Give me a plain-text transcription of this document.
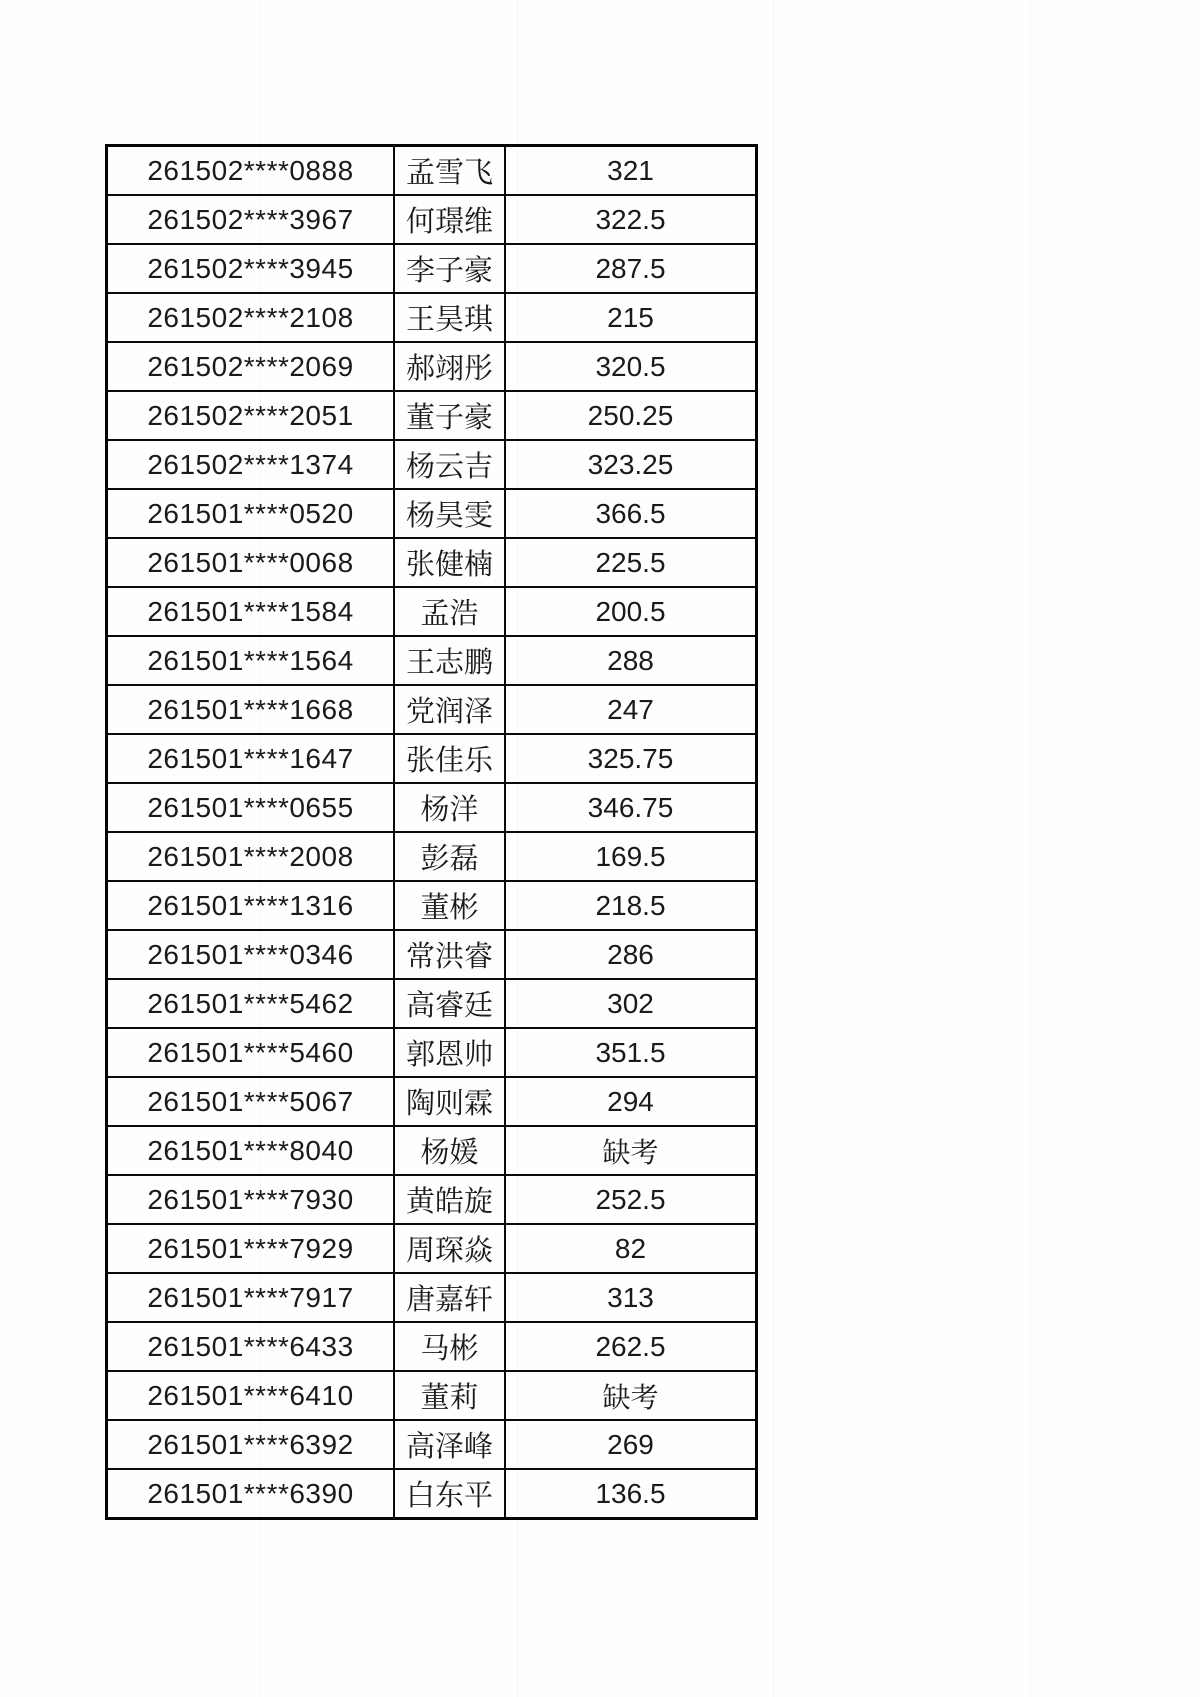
261502****0888	孟雪飞	321
261502****3967	何璟维	322.5
261502****3945	李子豪	287.5
261502****2108	王昊琪	215
261502****2069	郝翊彤	320.5
261502****2051	董子豪	250.25
261502****1374	杨云吉	323.25
261501****0520	杨昊雯	366.5
261501****0068	张健楠	225.5
261501****1584	孟浩	200.5
261501****1564	王志鹏	288
261501****1668	党润泽	247
261501****1647	张佳乐	325.75
261501****0655	杨洋	346.75
261501****2008	彭磊	169.5
261501****1316	董彬	218.5
261501****0346	常洪睿	286
261501****5462	高睿廷	302
261501****5460	郭恩帅	351.5
261501****5067	陶则霖	294
261501****8040	杨媛	缺考
261501****7930	黄皓旋	252.5
261501****7929	周琛焱	82
261501****7917	唐嘉轩	313
261501****6433	马彬	262.5
261501****6410	董莉	缺考
261501****6392	高泽峰	269
261501****6390	白东平	136.5
